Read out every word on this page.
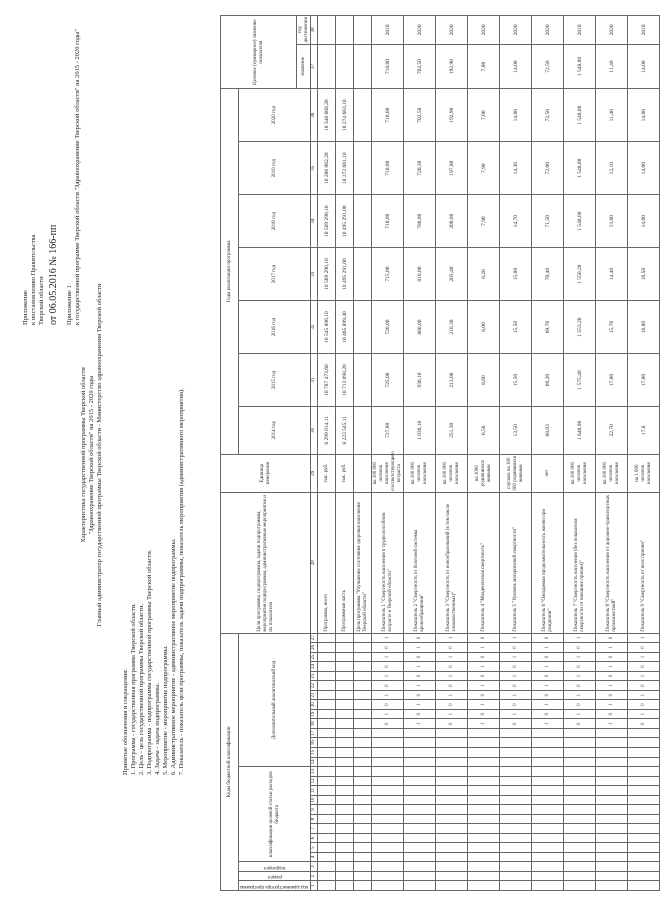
Приложение к постановлению Правительства Тверской области от 06.05.2016 № 166-пп Приложение 1 к государственной программе Тверской области "Здравоохранение Тверской области" на 2015 - 2020 годы"
Характеристика государственной программы Тверской области "Здравоохранение Тверской области" на 2015 - 2020 годы Главный администратор государственной программы Тверской области - Министерство здравоохранения Тверской области
Принятые обозначения и сокращения: 1. Программа - государственная программа Тверской области. 2. Цель - цель государственной программы Тверской области. 3. Подпрограмма - подпрограмма государственной программы Тверской области. 4. Задача - задача подпрограммы. 5. Мероприятие - мероприятие подпрограммы. 6. Административное мероприятие - административное мероприятие подпрограммы. 7. Показатель - показатель цели программы, показатель задачи подпрограммы, показатель мероприятия (административного мероприятия).	Коды бюджетной классификации																											Цели программы, подпрограммы, задачи подпрограммы, мероприятия подпрограммы, административные мероприятия и их показатели	Единица измерения	Годы реализации программы							Целевое (суммарное) значение показателя	

код администратора программы	раздел	подраздел	классификация целевой статьи расходов бюджета										Дополнительный аналитический код																2014 год	2015 год	2016 год	2017 год	2018 год	2019 год	2020 год		
																																				значение	год достижения
1	2	3	4	5	6	7	8	9	10	11	12	13	14	15	16	17	18	19	20	21	22	23	24	25	26	27	28	29	30	31	32	33	34	35	36	37	38
																											Программа, всего	тыс. руб.	8 299 014,11	10 787 473,60	10 545 896,10	10 569 290,10	10 569 290,10	10 286 062,20	10 348 668,20		
																											Программная часть	тыс. руб.	8 223 545,11	10 713 098,20	10 465 899,40	10 495 291,00	10 495 291,00	10 272 661,10	10 274 663,10		
																											Цель программы "Улучшение состояния здоровья населения Тверской области"										
																	0	1	0	1	0	1	0	1	0	1	Показатель 1 "Смертность населения в трудоспособном возрасте в Тверской области"	на 100 000 человек населения соответствующего возраста	727,00	725,00	720,00	715,00	710,00	710,00	710,00	710,00	2018
																	1	0	1	0	1	0	1	0	1	0	Показатель 2 "Смертность от болезней системы кровообращения"	на 100 000 человек населения	1 030,10	930,10	860,00	810,00	780,00	726,30	702,50	702,50	2020
																	0	1	0	1	0	1	0	1	0	1	Показатель 3 "Смертность от новообразований (в том числе злокачественных)"	на 100 000 человек населения	251,30	213,00	210,30	205,40	200,00	197,80	192,90	192,90	2020
																	1	0	1	0	1	0	1	0	1	0	Показатель 4 "Младенческая смертность"	на 1000 родившихся живыми	6,50	8,60	8,00	8,20	7,90	7,90	7,00	7,00	2020
																	0	1	0	1	0	1	0	1	0	1	Показатель 5 "Уровень материнской смертности"	случаев на 100 000 родившихся живыми	13,50	15,50	15,50	15,00	14,70	14,30	14,00	14,00	2020
																	1	0	1	0	1	0	1	0	1	0	Показатель 6 "Ожидаемая продолжительность жизни при рождении"	лет	68,03	69,20	69,70	70,40	71,50	72,00	72,50	72,50	2020
																	0	1	0	1	0	1	0	1	0	1	Показатель 7 "Смертность населения (без показателя смертности от внешних причин)"	на 100 000 человек населения	1 640,90	1 575,40	1 553,20	1 550,20	1 548,00	1 548,00	1 548,00	1 548,00	2018
																	1	0	1	0	1	0	1	0	1	0	Показатель 8 "Смертность населения от дорожно-транспортных происшествий"	на 100 000 человек населения	22,70	17,00	15,70	14,40	13,00	12,10	11,40	11,40	2020
																	0	1	0	1	0	1	0	1	0	1	Показатель 9 "Смертность от всех причин"	на 1 000 человек населения	17,8	17,00	16,80	16,50	14,00	14,00	14,00	14,00	2018
